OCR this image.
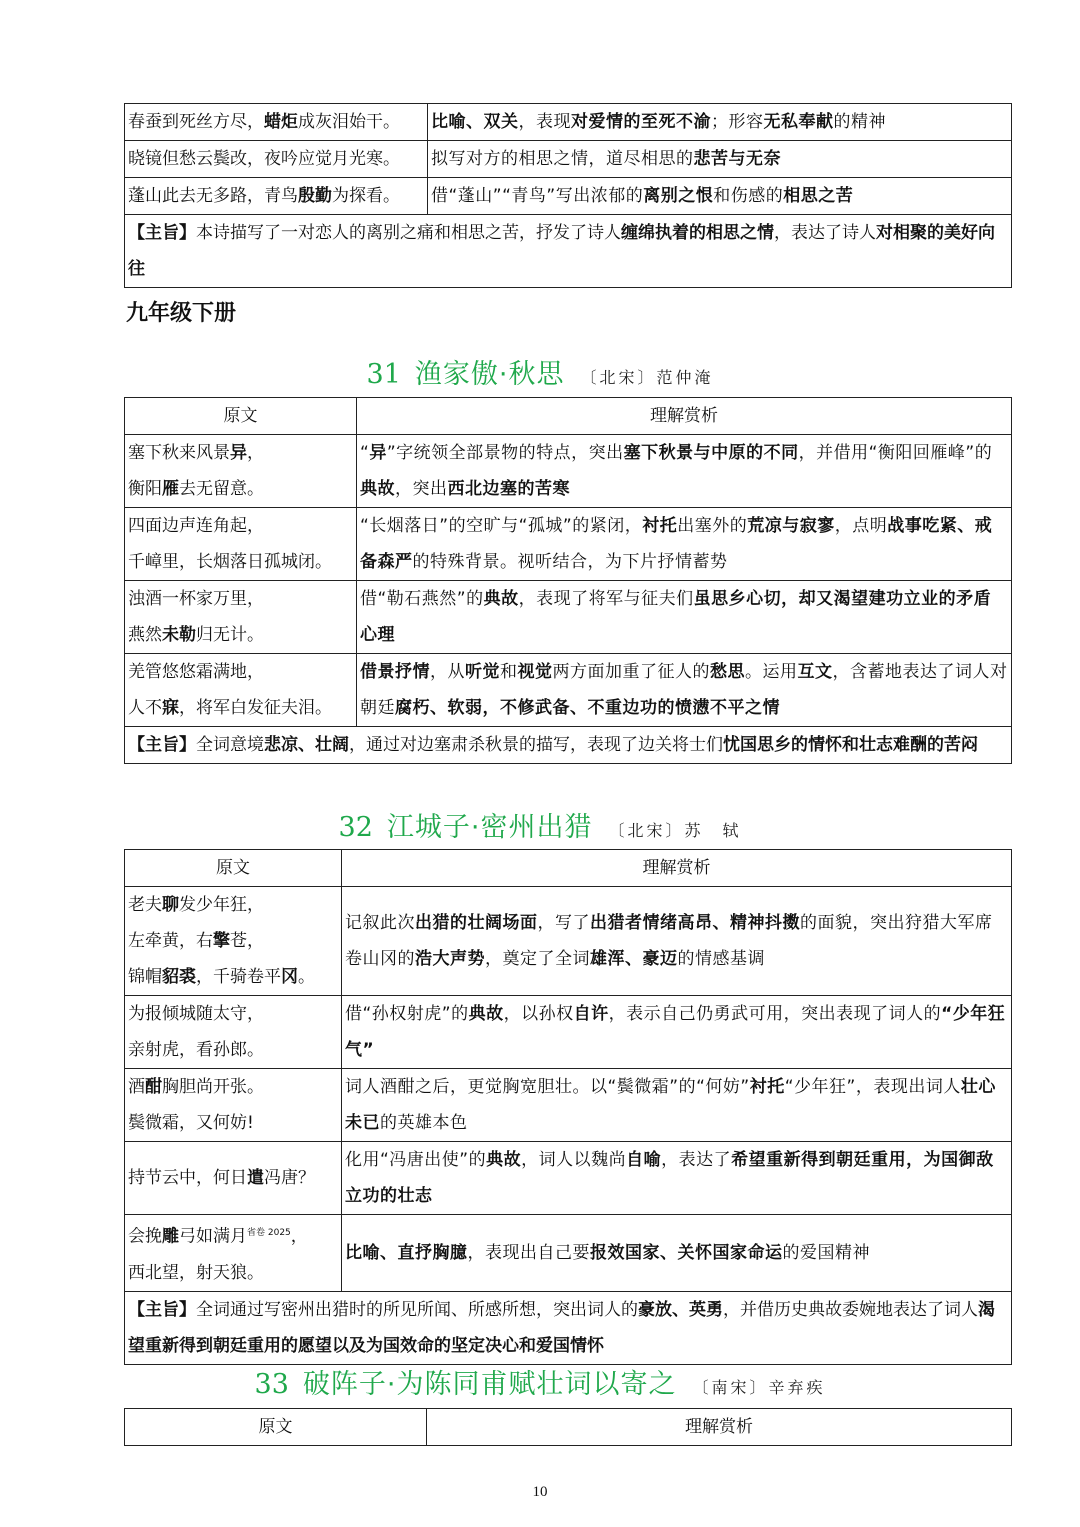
春蚕到死丝方尽，蜡炬成灰泪始干。	比喻、双关，表现对爱情的至死不渝；形容无私奉献的精神
晓镜但愁云鬓改，夜吟应觉月光寒。	拟写对方的相思之情，道尽相思的悲苦与无奈
蓬山此去无多路，青鸟殷勤为探看。	借“蓬山”“青鸟”写出浓郁的离别之恨和伤感的相思之苦
【主旨】本诗描写了一对恋人的离别之痛和相思之苦，抒发了诗人缠绵执着的相思之情，表达了诗人对相聚的美好向往	
九年级下册
31 渔家傲·秋思 〔北宋〕范仲淹
原文	理解赏析

塞下秋来风景异，
衡阳雁去无留意。	“异”字统领全部景物的特点，突出塞下秋景与中原的不同，并借用“衡阳回雁峰”的典故，突出西北边塞的苦寒

四面边声连角起，
千嶂里，长烟落日孤城闭。	“长烟落日”的空旷与“孤城”的紧闭，衬托出塞外的荒凉与寂寥，点明战事吃紧、戒备森严的特殊背景。视听结合，为下片抒情蓄势

浊酒一杯家万里，
燕然未勒归无计。	借“勒石燕然”的典故，表现了将军与征夫们虽思乡心切，却又渴望建功立业的矛盾心理

羌管悠悠霜满地，
人不寐，将军白发征夫泪。	借景抒情，从听觉和视觉两方面加重了征人的愁思。运用互文，含蓄地表达了词人对朝廷腐朽、软弱，不修武备、不重边功的愤懑不平之情
【主旨】全词意境悲凉、壮阔，通过对边塞肃杀秋景的描写，表现了边关将士们忧国思乡的情怀和壮志难酬的苦闷	
32 江城子·密州出猎 〔北宋〕苏　轼
原文	理解赏析

老夫聊发少年狂，
左牵黄，右擎苍，
锦帽貂裘，千骑卷平冈。	记叙此次出猎的壮阔场面，写了出猎者情绪高昂、精神抖擞的面貌，突出狩猎大军席卷山冈的浩大声势，奠定了全词雄浑、豪迈的情感基调

为报倾城随太守，
亲射虎，看孙郎。	借“孙权射虎”的典故，以孙权自许，表示自己仍勇武可用，突出表现了词人的“少年狂气”

酒酣胸胆尚开张。
鬓微霜，又何妨!	词人酒酣之后，更觉胸宽胆壮。以“鬓微霜”的“何妨”衬托“少年狂”，表现出词人壮心未已的英雄本色

持节云中，何日遣冯唐？	化用“冯唐出使”的典故，词人以魏尚自喻，表达了希望重新得到朝廷重用，为国御敌立功的壮志

会挽雕弓如满月$^{省卷 2025}$，
西北望，射天狼。	比喻、直抒胸臆，表现出自己要报效国家、关怀国家命运的爱国精神
【主旨】全词通过写密州出猎时的所见所闻、所感所想，突出词人的豪放、英勇，并借历史典故委婉地表达了词人渴望重新得到朝廷重用的愿望以及为国效命的坚定决心和爱国情怀	
33 破阵子·为陈同甫赋壮词以寄之 〔南宋〕辛弃疾
原文	理解赏析
10
